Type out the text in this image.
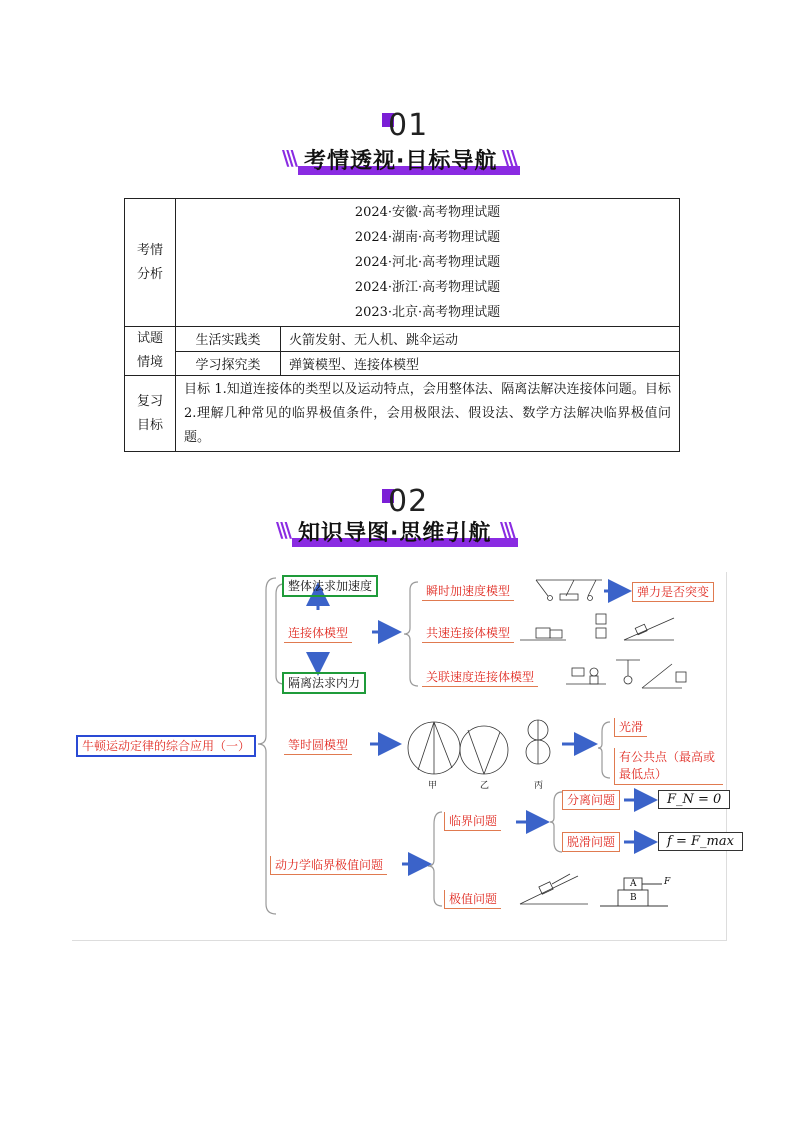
01
\\\ 考情透视·目标导航 \\\
考情分析	2024·安徽·高考物理试题
2024·湖南·高考物理试题
2024·河北·高考物理试题
2024·浙江·高考物理试题
2023·北京·高考物理试题	

试题情境	生活实践类	火箭发射、无人机、跳伞运动
	学习探究类	弹簧模型、连接体模型
复习目标	目标 1.知道连接体的类型以及运动特点，会用整体法、隔离法解决连接体问题。目标 2.理解几种常见的临界极值条件，会用极限法、假设法、数学方法解决临界极值问题。	
02
\\\ 知识导图·思维引航 \\\
牛顿运动定律的综合应用（一）
整体法求加速度
连接体模型
隔离法求内力
瞬时加速度模型
共速连接体模型
关联速度连接体模型
弹力是否突变
等时圆模型
甲	乙	丙
光滑
有公共点（最高或最低点）
动力学临界极值问题
临界问题
极值问题
分离问题
脱滑问题
F_N = 0
f = F_max
A
B
F
